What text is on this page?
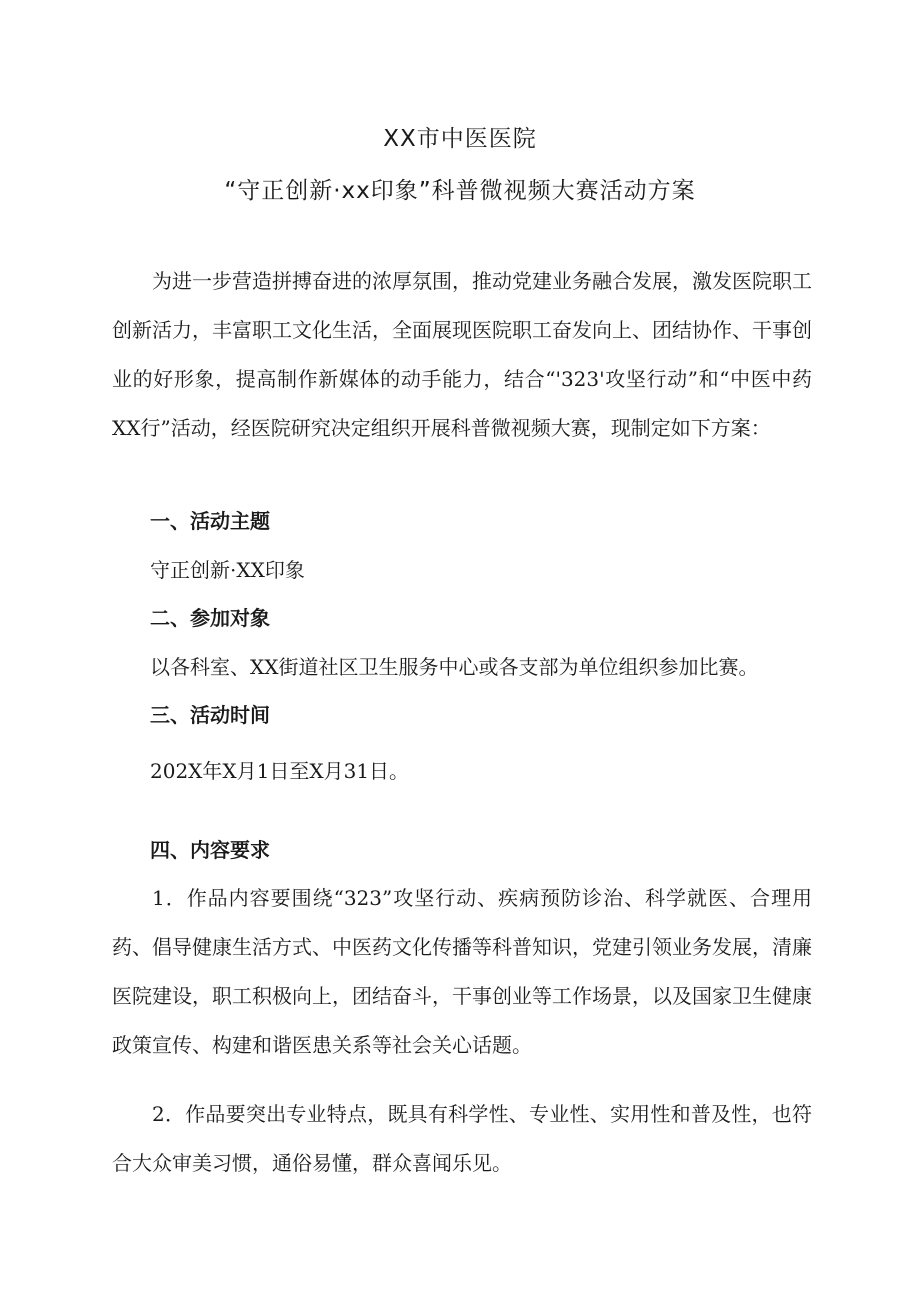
XX市中医医院
“守正创新·xx印象”科普微视频大赛活动方案

为进一步营造拼搏奋进的浓厚氛围，推动党建业务融合发展，激发医院职工创新活力，丰富职工文化生活，全面展现医院职工奋发向上、团结协作、干事创业的好形象，提高制作新媒体的动手能力，结合“'323'攻坚行动”和“中医中药XX行”活动，经医院研究决定组织开展科普微视频大赛，现制定如下方案：

一、活动主题

守正创新·XX印象

二、参加对象

以各科室、XX街道社区卫生服务中心或各支部为单位组织参加比赛。

三、活动时间

202X年X月1日至X月31日。

四、内容要求

1．作品内容要围绕“323”攻坚行动、疾病预防诊治、科学就医、合理用药、倡导健康生活方式、中医药文化传播等科普知识，党建引领业务发展，清廉医院建设，职工积极向上，团结奋斗，干事创业等工作场景，以及国家卫生健康政策宣传、构建和谐医患关系等社会关心话题。

2．作品要突出专业特点，既具有科学性、专业性、实用性和普及性，也符合大众审美习惯，通俗易懂，群众喜闻乐见。
